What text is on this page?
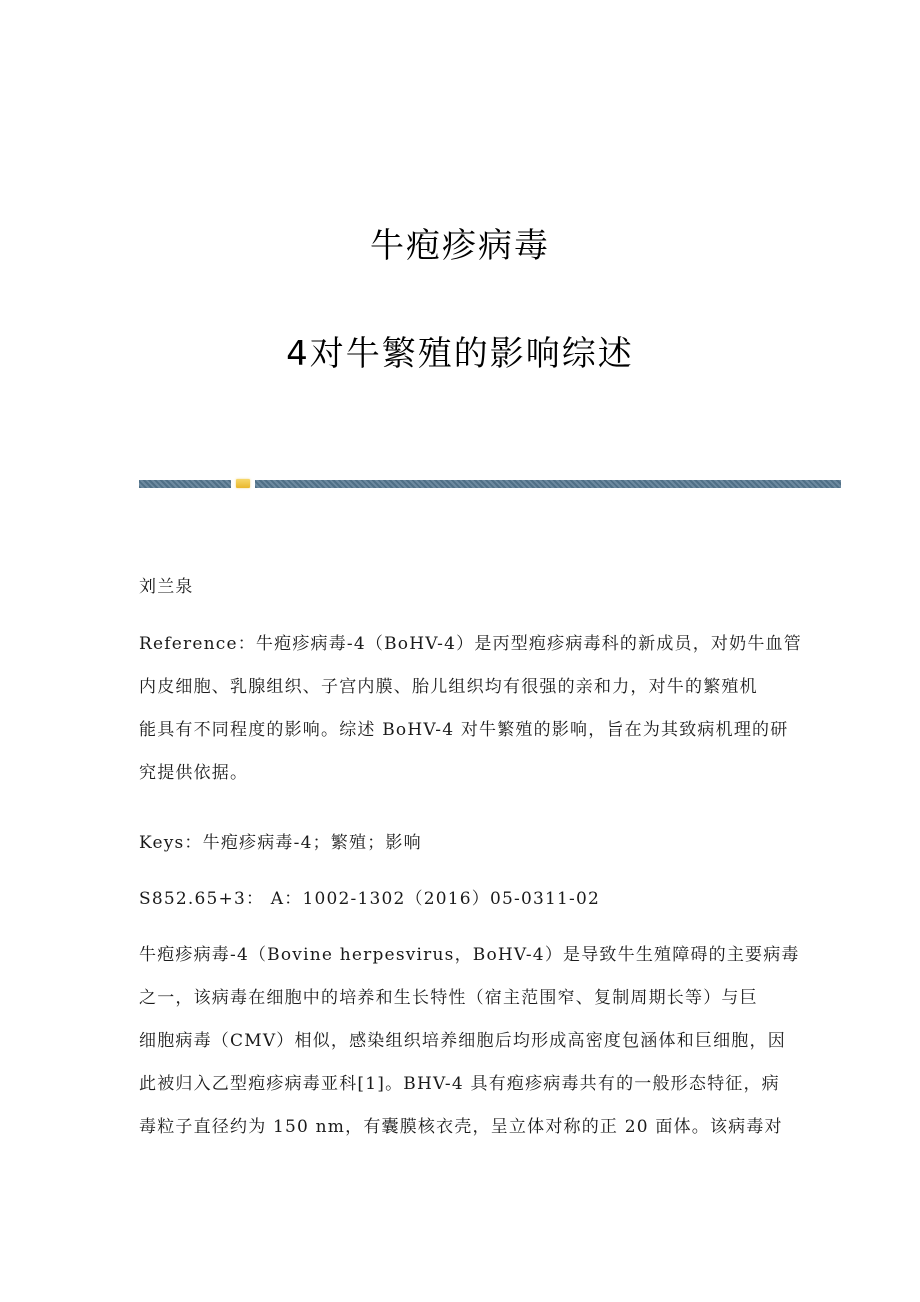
牛疱疹病毒
4对牛繁殖的影响综述
刘兰泉
Reference：牛疱疹病毒-4（BoHV-4）是丙型疱疹病毒科的新成员，对奶牛血管
内皮细胞、乳腺组织、子宫内膜、胎儿组织均有很强的亲和力，对牛的繁殖机
能具有不同程度的影响。综述 BoHV-4 对牛繁殖的影响，旨在为其致病机理的研
究提供依据。
Keys：牛疱疹病毒-4；繁殖；影响
S852.65+3： A：1002-1302（2016）05-0311-02
牛疱疹病毒-4（Bovine herpesvirus，BoHV-4）是导致牛生殖障碍的主要病毒
之一，该病毒在细胞中的培养和生长特性（宿主范围窄、复制周期长等）与巨
细胞病毒（CMV）相似，感染组织培养细胞后均形成高密度包涵体和巨细胞，因
此被归入乙型疱疹病毒亚科[1]。BHV-4 具有疱疹病毒共有的一般形态特征，病
毒粒子直径约为 150 nm，有囊膜核衣壳，呈立体对称的正 20 面体。该病毒对
